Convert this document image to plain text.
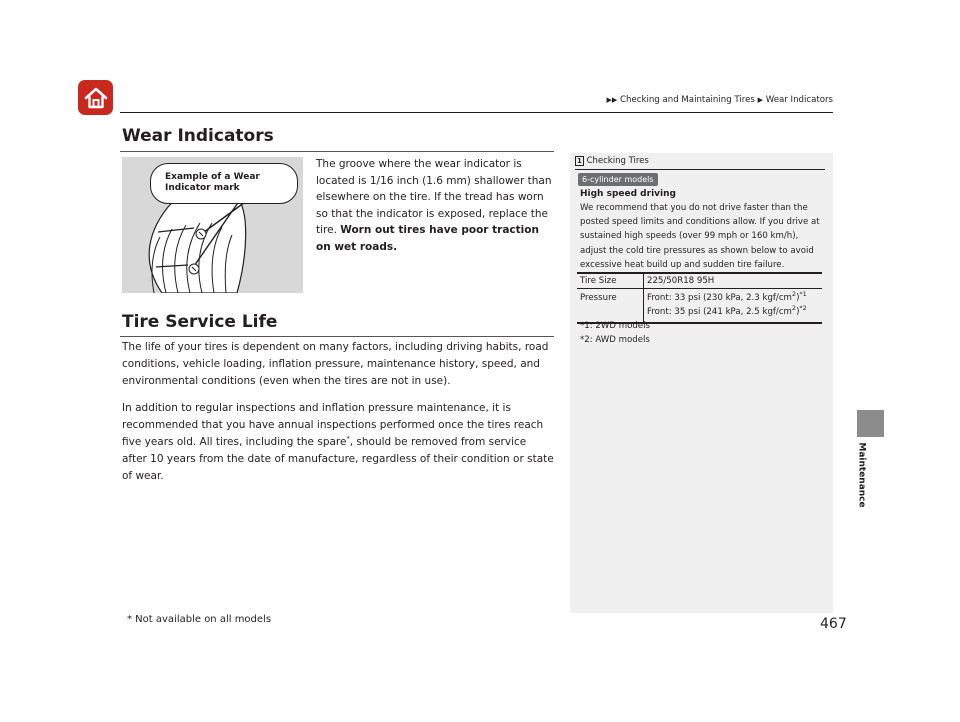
▶▶ Checking and Maintaining Tires ▶ Wear Indicators
Maintenance
Wear Indicators
Example of a Wear
Indicator mark
The groove where the wear indicator is located is 1/16 inch (1.6 mm) shallower than elsewhere on the tire. If the tread has worn so that the indicator is exposed, replace the tire. Worn out tires have poor traction on wet roads.
Tire Service Life

The life of your tires is dependent on many factors, including driving habits, road conditions, vehicle loading, inflation pressure, maintenance history, speed, and environmental conditions (even when the tires are not in use).

In addition to regular inspections and inflation pressure maintenance, it is recommended that you have annual inspections performed once the tires reach five years old. All tires, including the spare*, should be removed from service after 10 years from the date of manufacture, regardless of their condition or state of wear.

* Not available on all models
1 Checking Tires
6-cylinder models
High speed driving
We recommend that you do not drive faster than the posted speed limits and conditions allow. If you drive at sustained high speeds (over 99 mph or 160 km/h), adjust the cold tire pressures as shown below to avoid excessive heat build up and sudden tire failure.
Tire Size	225/50R18 95H
Pressure	Front: 33 psi (230 kPa, 2.3 kgf/$cm^2)^{*1}$
Front: 35 psi (241 kPa, 2.5 kgf/$cm^2)^{*2}$
*1: 2WD models
*2: AWD models
467
